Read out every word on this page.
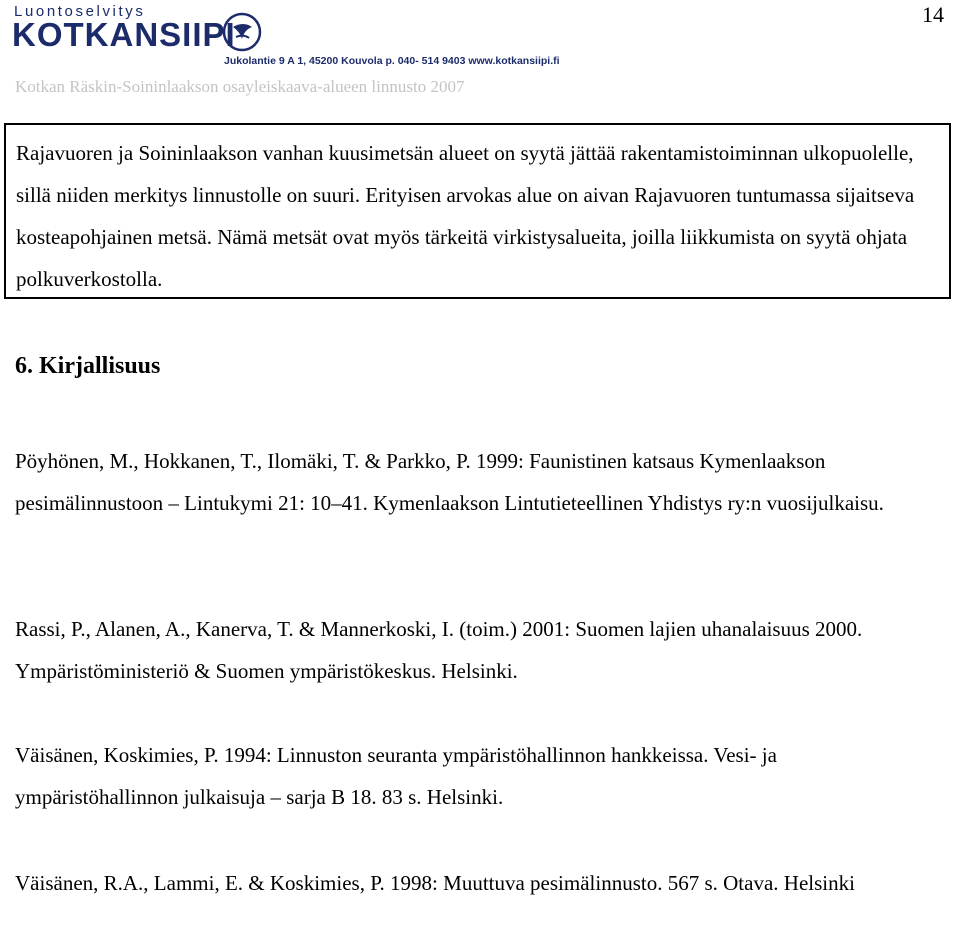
14
Luontoselvitys
KOTKANSIIPI
Jukolantie 9 A 1, 45200 Kouvola p. 040- 514 9403 www.kotkansiipi.fi
Kotkan Räskin-Soininlaakson osayleiskaava-alueen linnusto 2007
Rajavuoren ja Soininlaakson vanhan kuusimetsän alueet on syytä jättää rakentamistoiminnan ulkopuolelle, sillä niiden merkitys linnustolle on suuri. Erityisen arvokas alue on aivan Rajavuoren tuntumassa sijaitseva kosteapohjainen metsä. Nämä metsät ovat myös tärkeitä virkistysalueita, joilla liikkumista on syytä ohjata polkuverkostolla.
6. Kirjallisuus
Pöyhönen, M., Hokkanen, T., Ilomäki, T. & Parkko, P. 1999: Faunistinen katsaus Kymenlaakson pesimälinnustoon – Lintukymi 21: 10–41. Kymenlaakson Lintutieteellinen Yhdistys ry:n vuosijulkaisu.
Rassi, P., Alanen, A., Kanerva, T. & Mannerkoski, I. (toim.) 2001: Suomen lajien uhanalaisuus 2000. Ympäristöministeriö & Suomen ympäristökeskus. Helsinki.
Väisänen, Koskimies, P. 1994: Linnuston seuranta ympäristöhallinnon hankkeissa. Vesi- ja ympäristöhallinnon julkaisuja – sarja B 18. 83 s. Helsinki.
Väisänen, R.A., Lammi, E. & Koskimies, P. 1998: Muuttuva pesimälinnusto. 567 s. Otava. Helsinki
